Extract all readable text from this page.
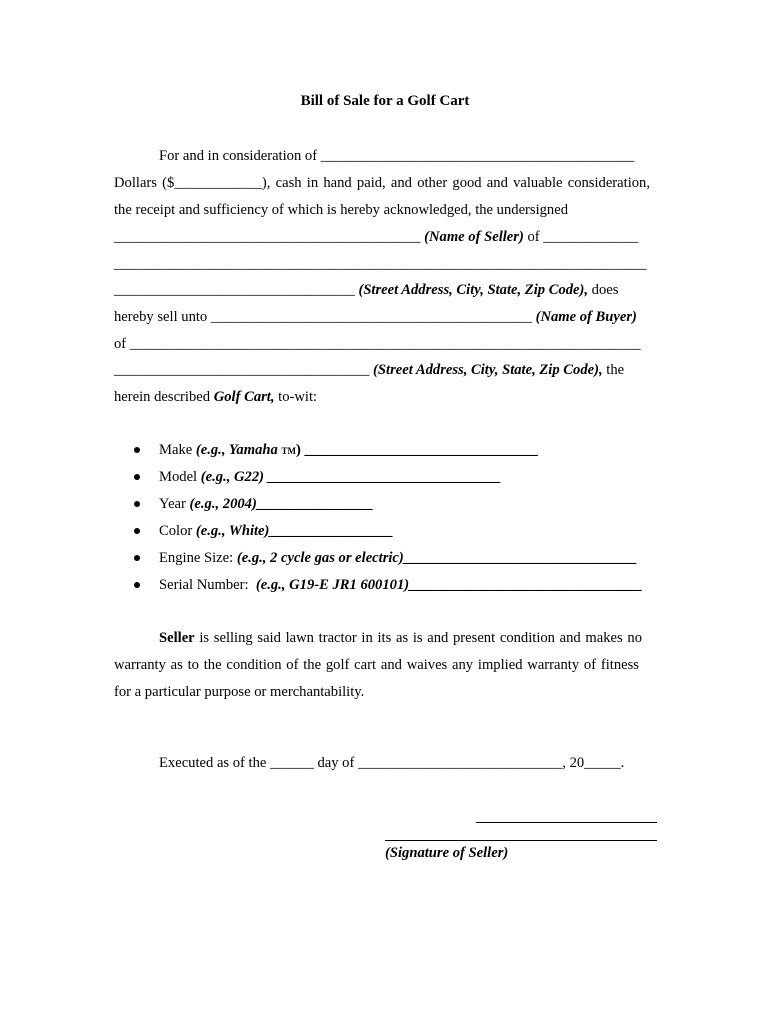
Bill of Sale for a Golf Cart
For and in consideration of ___________________________________________
Dollars ($____________), cash in hand paid, and other good and valuable consideration,
the receipt and sufficiency of which is hereby acknowledged, the undersigned
__________________________________________ (Name of Seller) of _____________
_________________________________________________________________________
_________________________________ (Street Address, City, State, Zip Code), does
hereby sell unto ____________________________________________ (Name of Buyer)
of ______________________________________________________________________
___________________________________ (Street Address, City, State, Zip Code), the
herein described Golf Cart, to-wit:
Make (e.g., Yamaha TM) ________________________________
Model (e.g., G22) ________________________________
Year (e.g., 2004)________________
Color (e.g., White)_________________
Engine Size: (e.g., 2 cycle gas or electric)________________________________
Serial Number:  (e.g., G19-E JR1 600101)________________________________
Seller is selling said lawn tractor in its as is and present condition and makes no
warranty as to the condition of the golf cart and waives any implied warranty of fitness
for a particular purpose or merchantability.
Executed as of the ______ day of ____________________________, 20_____.
(Signature of Seller)
